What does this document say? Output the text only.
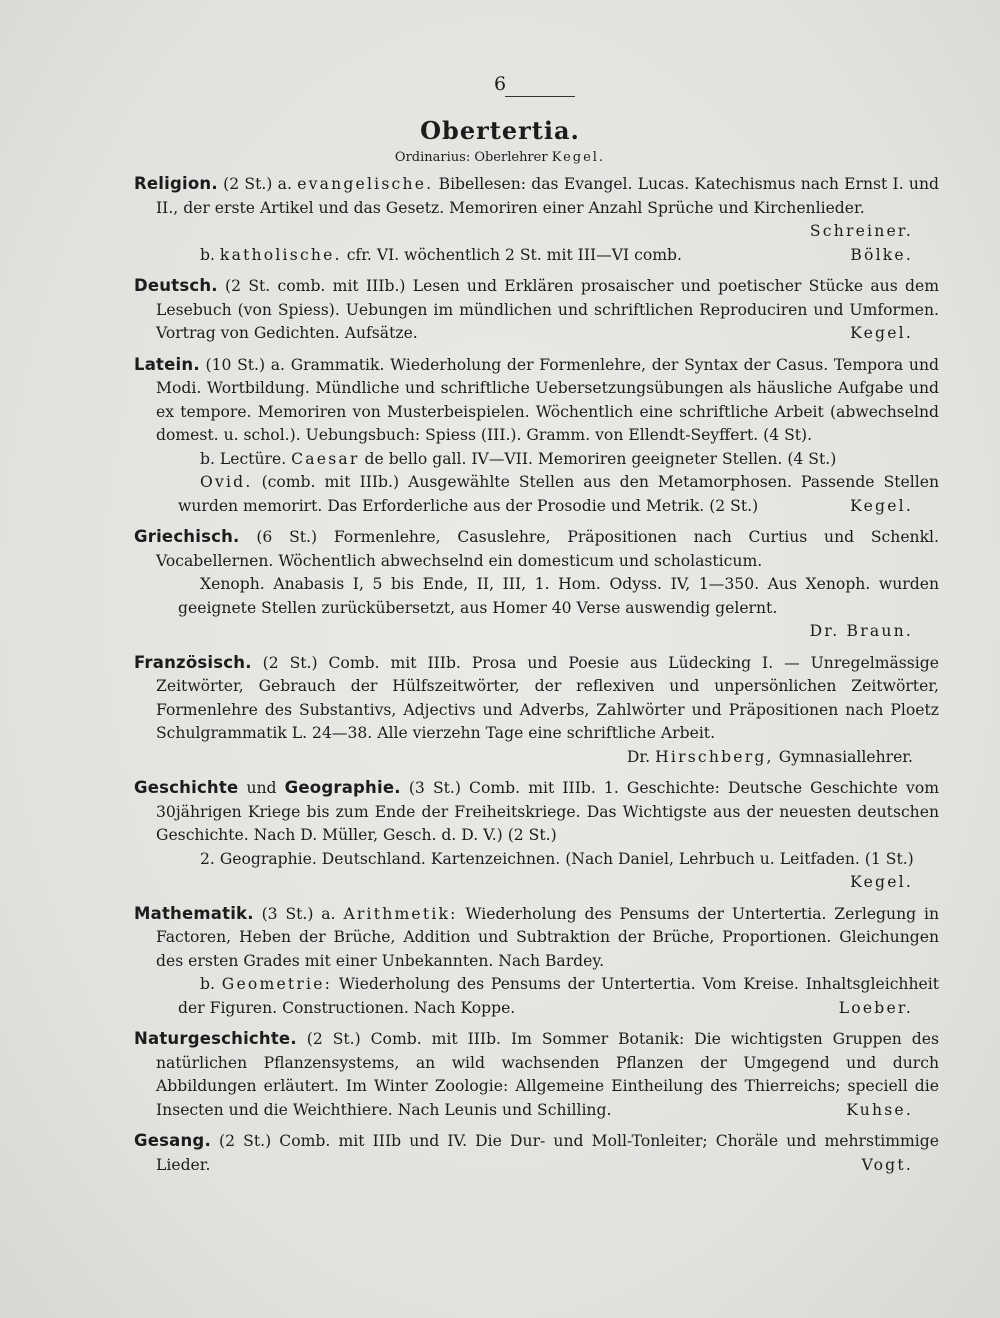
6
Obertertia.
Ordinarius: Oberlehrer Kegel.
Religion. (2 St.) a. evangelische. Bibellesen: das Evangel. Lucas. Katechismus nach Ernst I. und II., der erste Artikel und das Gesetz. Memoriren einer Anzahl Sprüche und Kirchenlieder.
Schreiner.
Bölke.
b. katholische. cfr. VI. wöchentlich 2 St. mit III—VI comb.
Deutsch. (2 St. comb. mit IIIb.) Lesen und Erklären prosaischer und poetischer Stücke aus dem Lesebuch (von Spiess). Uebungen im mündlichen und schriftlichen Reproduciren und Umformen. Vortrag von Gedichten. Aufsätze.	Kegel.
Latein. (10 St.) a. Grammatik. Wiederholung der Formenlehre, der Syntax der Casus. Tempora und Modi. Wortbildung. Mündliche und schriftliche Uebersetzungsübungen als häusliche Aufgabe und ex tempore. Memoriren von Musterbeispielen. Wöchentlich eine schriftliche Arbeit (abwechselnd domest. u. schol.). Uebungsbuch: Spiess (III.). Gramm. von Ellendt-Seyffert. (4 St).
b. Lectüre. Caesar de bello gall. IV—VII. Memoriren geeigneter Stellen. (4 St.)
Ovid. (comb. mit IIIb.) Ausgewählte Stellen aus den Metamorphosen. Passende Stellen wurden memorirt. Das Erforderliche aus der Prosodie und Metrik. (2 St.)	Kegel.
Griechisch. (6 St.) Formenlehre, Casuslehre, Präpositionen nach Curtius und Schenkl. Vocabellernen. Wöchentlich abwechselnd ein domesticum und scholasticum.
Xenoph. Anabasis I, 5 bis Ende, II, III, 1. Hom. Odyss. IV, 1—350. Aus Xenoph. wurden geeignete Stellen zurückübersetzt, aus Homer 40 Verse auswendig gelernt.
Dr. Braun.
Französisch. (2 St.) Comb. mit IIIb. Prosa und Poesie aus Lüdecking I. — Unregelmässige Zeitwörter, Gebrauch der Hülfszeitwörter, der reflexiven und unpersönlichen Zeitwörter, Formenlehre des Substantivs, Adjectivs und Adverbs, Zahlwörter und Präpositionen nach Ploetz Schulgrammatik L. 24—38. Alle vierzehn Tage eine schriftliche Arbeit.
Dr. Hirschberg, Gymnasiallehrer.
Geschichte und Geographie. (3 St.) Comb. mit IIIb. 1. Geschichte: Deutsche Geschichte vom 30jährigen Kriege bis zum Ende der Freiheitskriege. Das Wichtigste aus der neuesten deutschen Geschichte. Nach D. Müller, Gesch. d. D. V.) (2 St.)
2. Geographie. Deutschland. Kartenzeichnen. (Nach Daniel, Lehrbuch u. Leitfaden. (1 St.)
Kegel.
Mathematik. (3 St.) a. Arithmetik: Wiederholung des Pensums der Untertertia. Zerlegung in Factoren, Heben der Brüche, Addition und Subtraktion der Brüche, Proportionen. Gleichungen des ersten Grades mit einer Unbekannten. Nach Bardey.
b. Geometrie: Wiederholung des Pensums der Untertertia. Vom Kreise. Inhaltsgleichheit der Figuren. Constructionen. Nach Koppe.	Loeber.
Naturgeschichte. (2 St.) Comb. mit IIIb. Im Sommer Botanik: Die wichtigsten Gruppen des natürlichen Pflanzensystems, an wild wachsenden Pflanzen der Umgegend und durch Abbildungen erläutert. Im Winter Zoologie: Allgemeine Eintheilung des Thierreichs; speciell die Insecten und die Weichthiere. Nach Leunis und Schilling.	Kuhse.
Gesang. (2 St.) Comb. mit IIIb und IV. Die Dur- und Moll-Tonleiter; Choräle und mehrstimmige Lieder.	Vogt.
